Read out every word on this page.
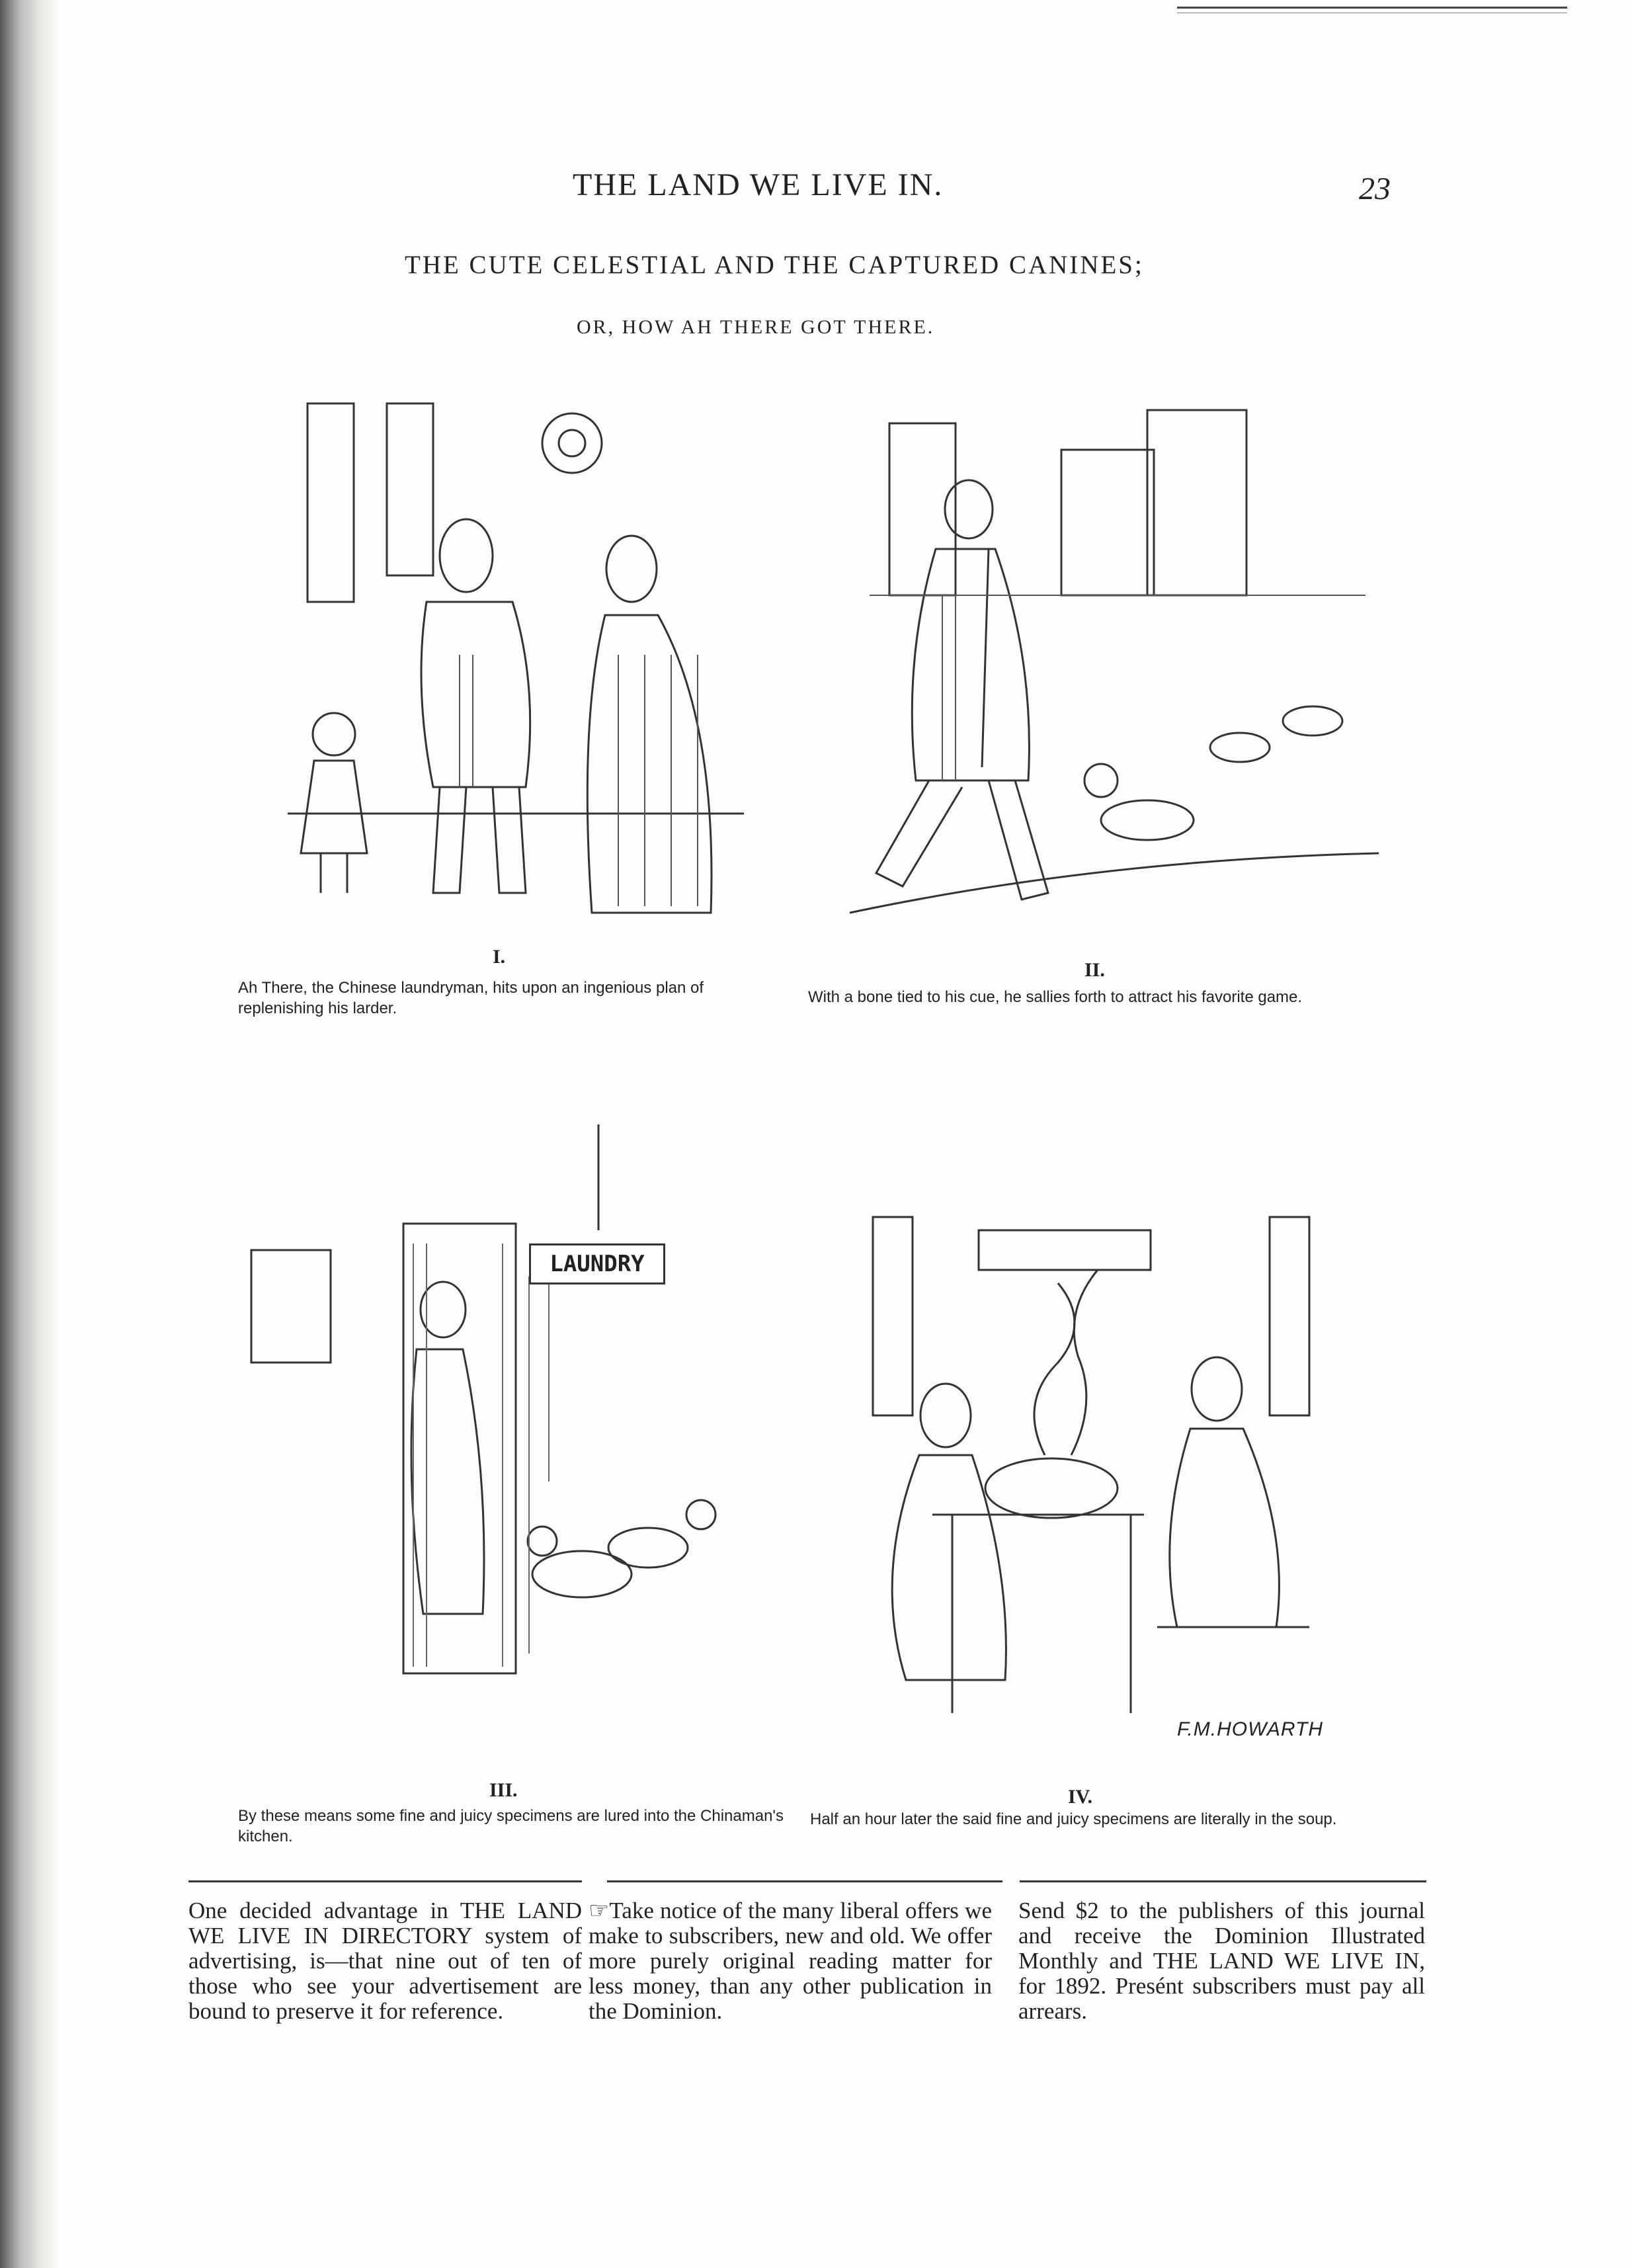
THE LAND WE LIVE IN.	23
THE CUTE CELESTIAL AND THE CAPTURED CANINES;
OR, HOW AH THERE GOT THERE.
I.
Ah There, the Chinese laundryman, hits upon an ingenious plan of replenishing his larder.
II.
With a bone tied to his cue, he sallies forth to attract his favorite game.
LAUNDRY
III.
By these means some fine and juicy specimens are lured into the Chinaman's kitchen.
F.M.HOWARTH
IV.
Half an hour later the said fine and juicy specimens are literally in the soup.
One decided advantage in THE LAND WE LIVE IN DIRECTORY system of advertising, is—that nine out of ten of those who see your advertisement are bound to preserve it for reference.
☞Take notice of the many liberal offers we make to subscribers, new and old. We offer more purely original reading matter for less money, than any other publication in the Dominion.
Send $2 to the publishers of this journal and receive the Dominion Illustrated Monthly and THE LAND WE LIVE IN, for 1892. Presént subscribers must pay all arrears.
